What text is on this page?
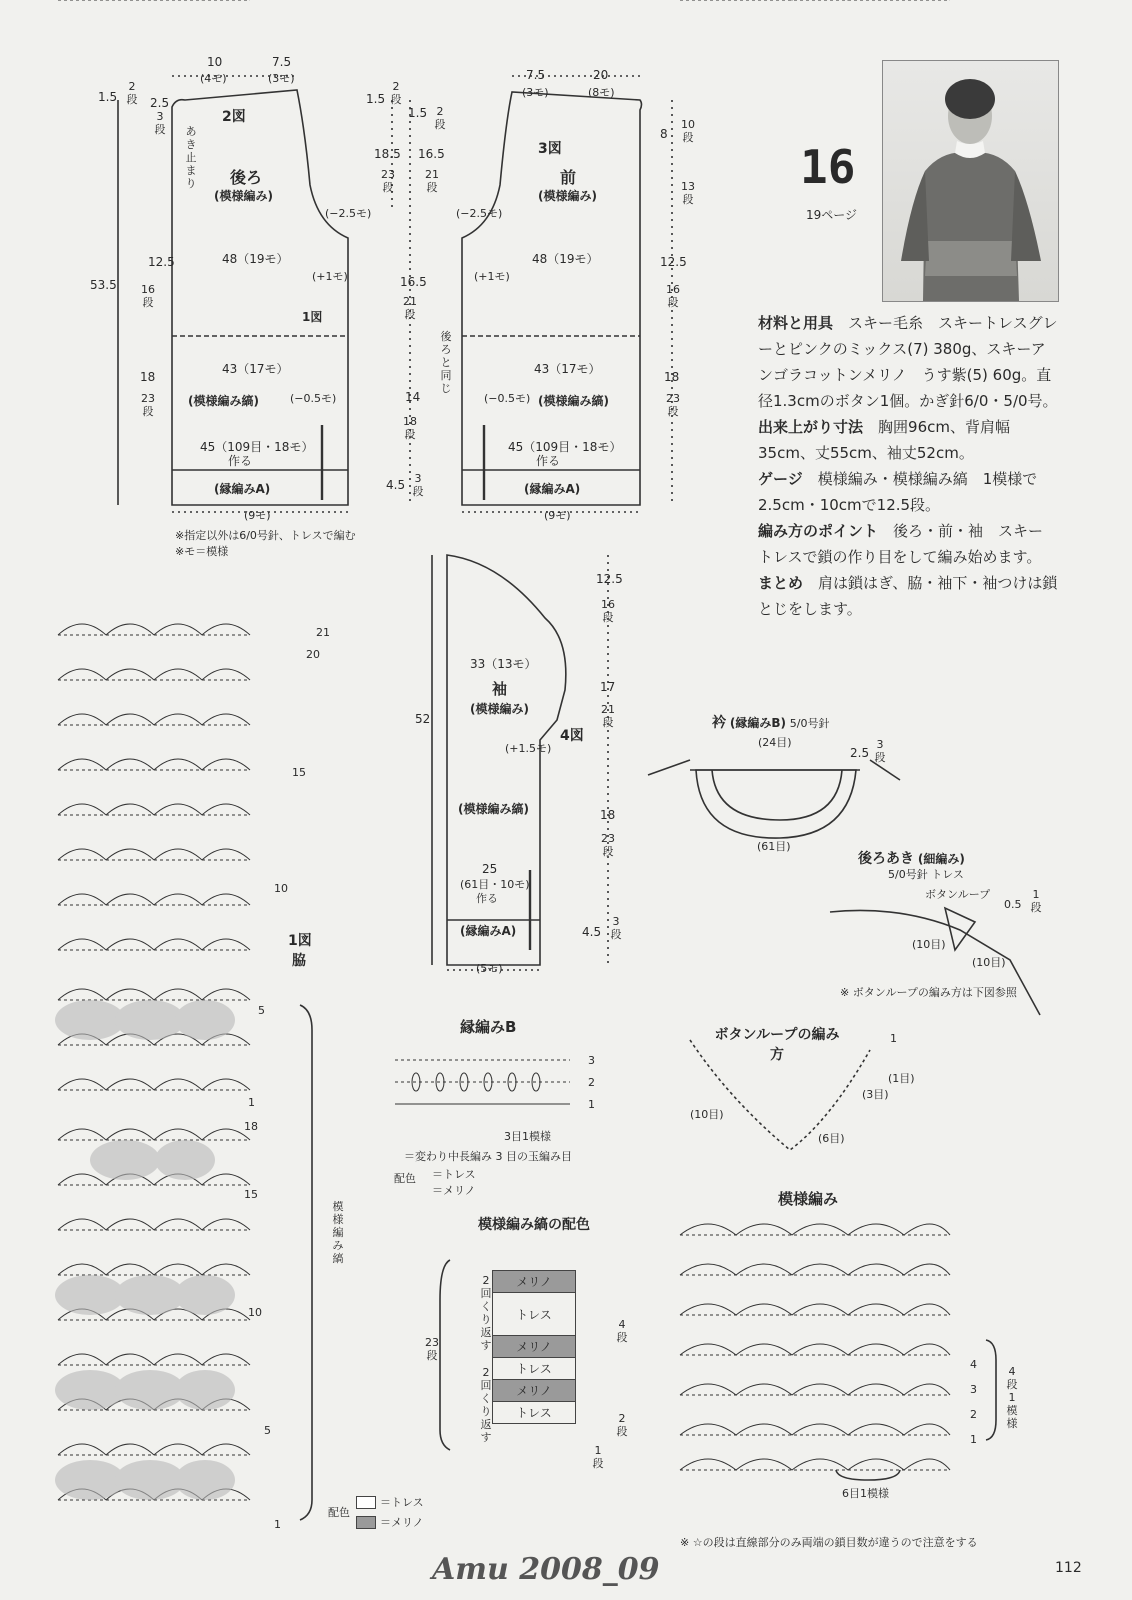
2図
後ろ
(模様編み)
10
(4モ)
7.5
(3モ)
1.5	2.5
2段
3段 あき止まり
(−2.5モ)
12.5	48（19モ）
(+1モ)
53.5 16段
1図
43（17モ）
18
23段
(模様編み縞)	(−0.5モ)
45（109目・18モ）
作る
(縁編みA)
(9モ)
※指定以外は6/0号針、トレスで編む
※モ＝模様
1.5
2段
1.5 2段
18.5
23段
16.5
21段
16.5
21段
14
18段
4.5 3段
7.5
(3モ)
20
(8モ)
3図
前
(模様編み)
8
10段
13段
(−2.5モ)
48（19モ）	12.5
16段
(+1モ)
後ろと同じ
43（17モ）
18
23段
(−0.5モ) (模様編み縞)
45（109目・18モ）
作る
(縁編みA)
(9モ)
16
19ページ

材料と用具　 スキー毛糸　スキートレスグレーとピンクのミックス(7) 380g、スキーアンゴラコットンメリノ　うす紫(5) 60g。直径1.3cmのボタン1個。かぎ針6/0・5/0号。

出来上がり寸法　 胸囲96cm、背肩幅35cm、丈55cm、袖丈52cm。

ゲージ　 模様編み・模様編み縞　1模様で2.5cm・10cmで12.5段。

編み方のポイント　 後ろ・前・袖　スキートレスで鎖の作り目をして編み始めます。 まとめ　 肩は鎖はぎ、脇・袖下・袖つけは鎖とじをします。

12.5
16段
33（13モ）
17
21段
袖
(模様編み)
52
4図
(+1.5モ)
(模様編み縞)	18
23段
25
(61目・10モ)
作る
(縁編みA)	4.5
3段
(5モ)
衿 (縁編みB) 5/0号針
(24目)
2.5
3段
(61目)
後ろあき (細編み)
5/0号針 トレス
ボタンループ
0.5
1段
(10目)
(10目)
※ ボタンループの編み方は下図参照
ボタンループの編み方
1
(1目)
(3目)
(6目)
(10目)
縁編みB
3
2
1
3目1模様
＝変わり中長編み 3 目の玉編み目
配色 ＝トレス
＝メリノ
模様編み縞の配色
メリノ
トレス
メリノ
トレス
メリノ
トレス
2回くり返す
2回くり返す
23段
4段
2段
1段
模様編み
4
3
2
1
4段1模様
6目1模様
※ ☆の段は直線部分のみ両端の鎖目数が違うので注意をする
1図
脇
模様編み縞
21
20
15
10
5
1
18
15
10
5
1
配色
＝トレス
＝メリノ
Amu 2008_09	112
